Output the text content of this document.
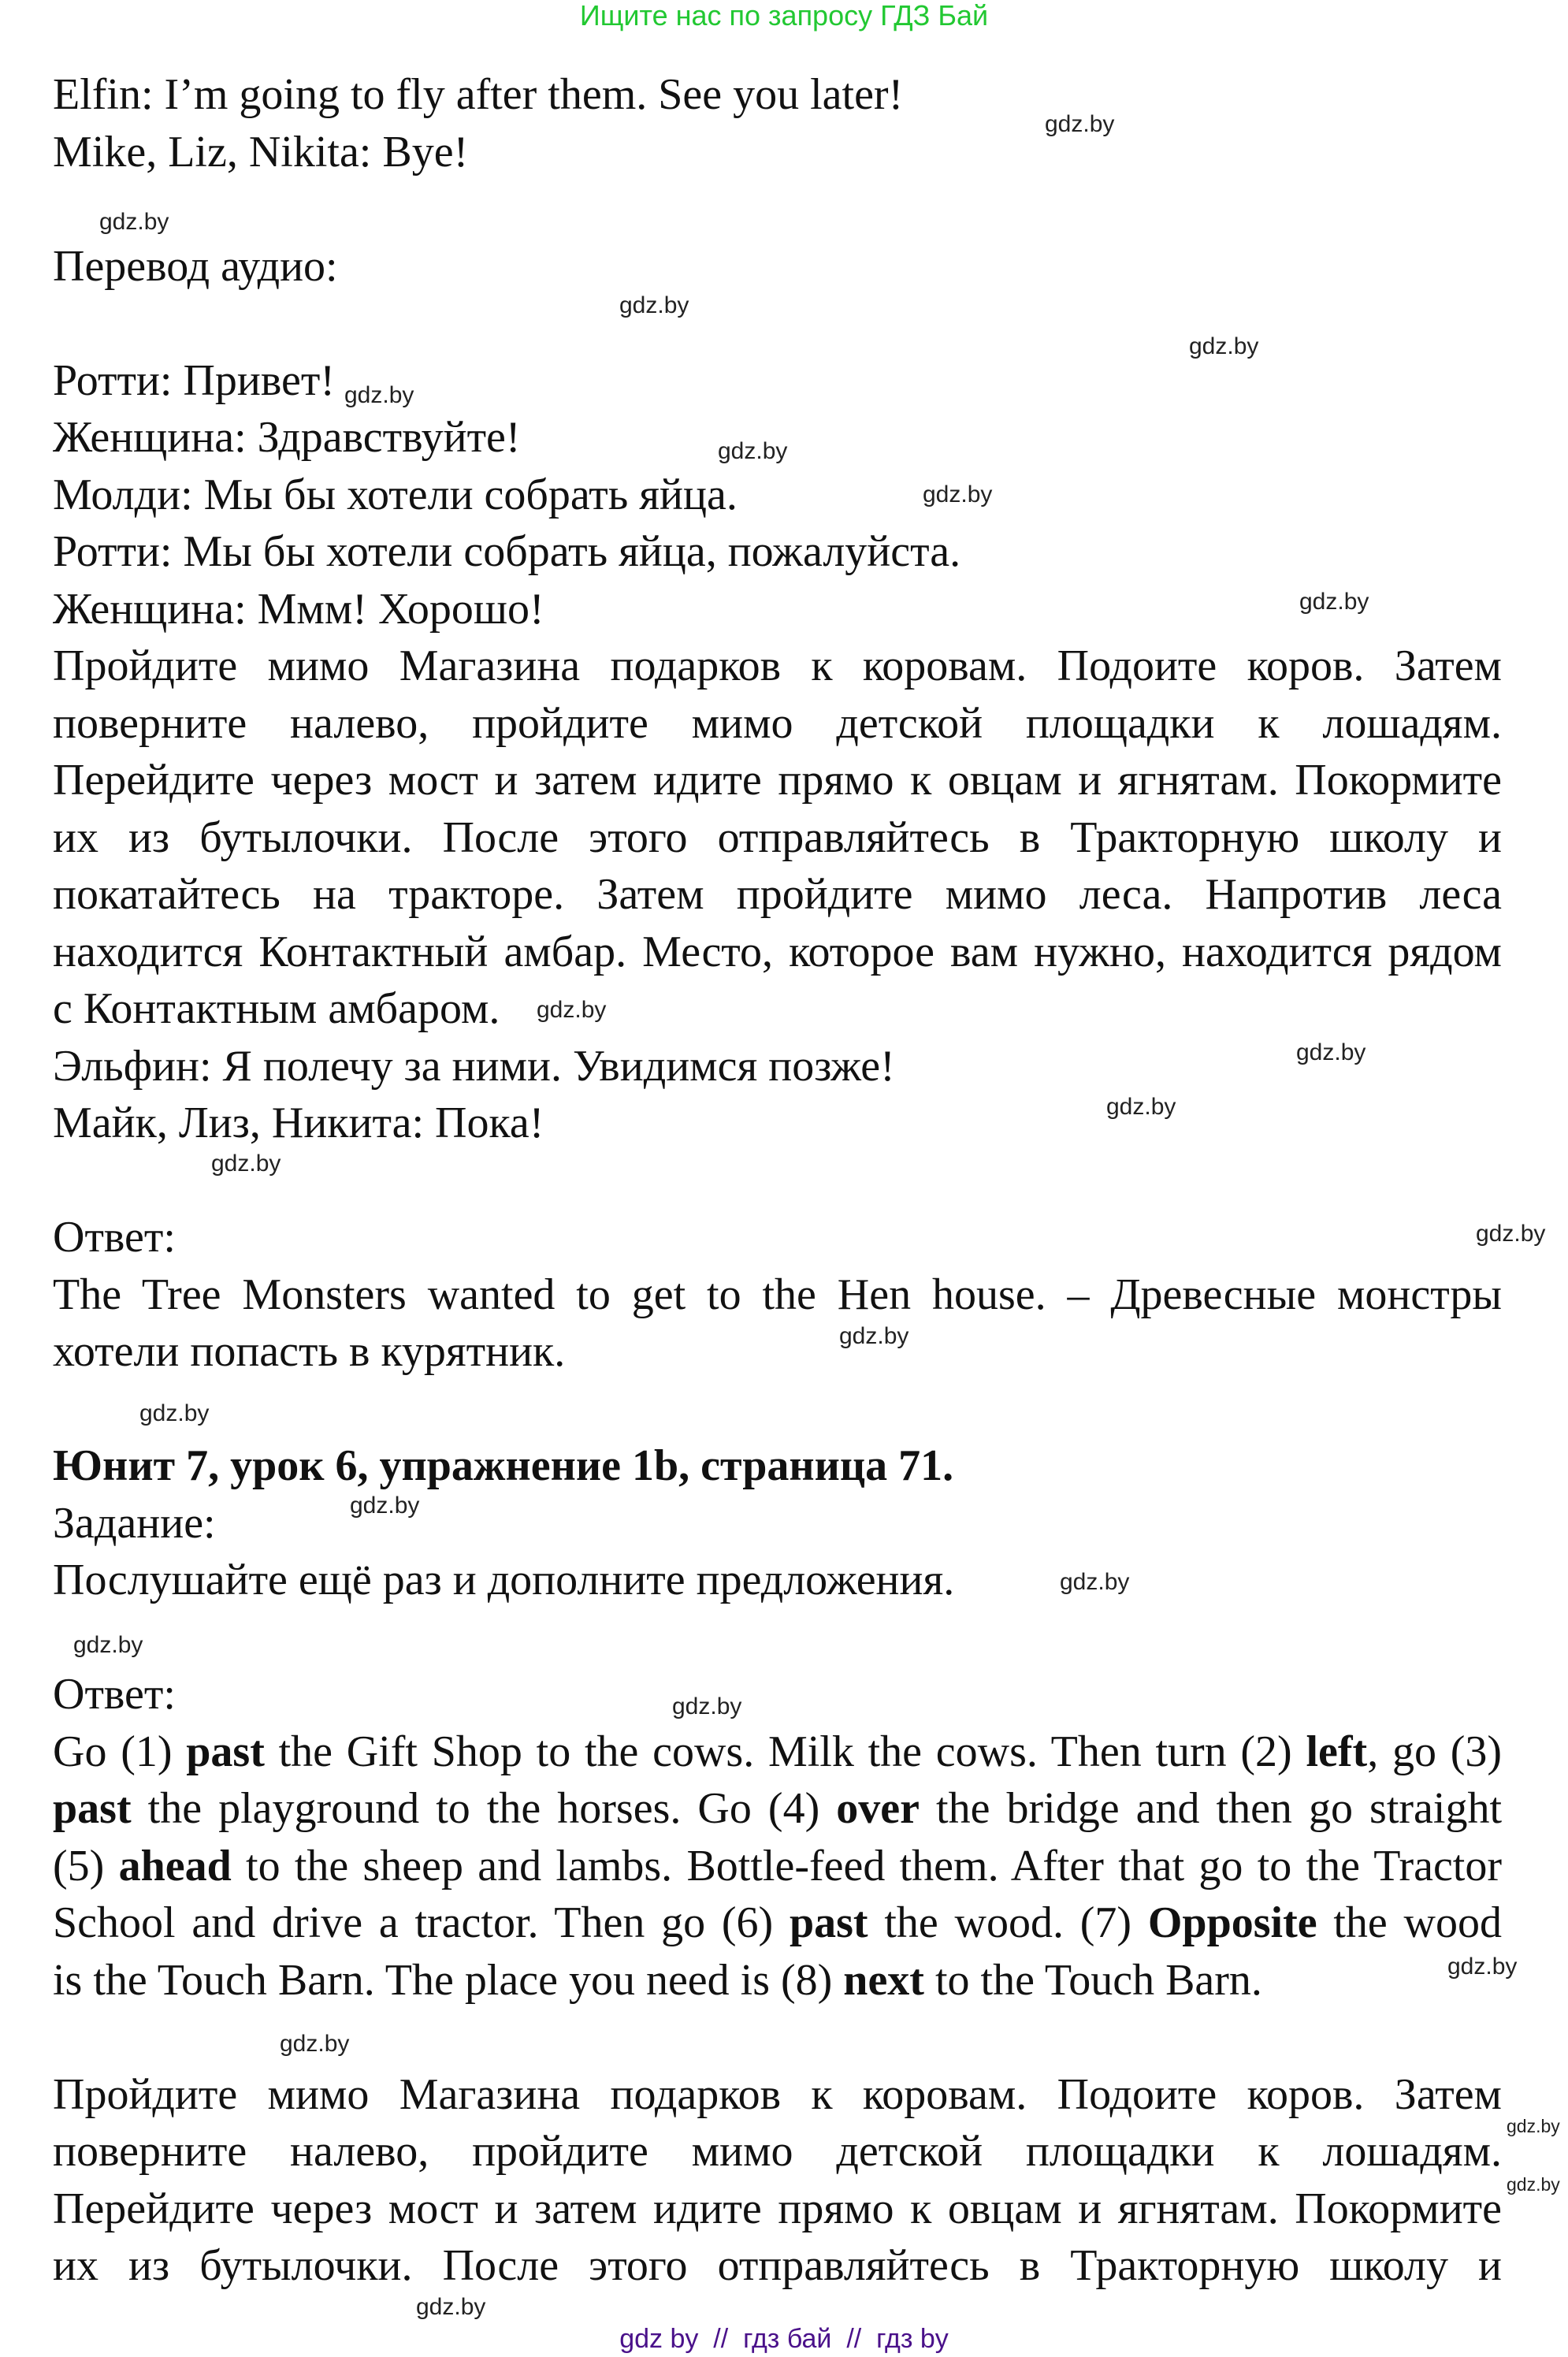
Ищите нас по запросу ГДЗ Бай
Elfin: I’m going to fly after them. See you later!
Mike, Liz, Nikita: Bye!
Перевод аудио:
Ротти: Привет!
Женщина: Здравствуйте!
Молди: Мы бы хотели собрать яйца.
Ротти: Мы бы хотели собрать яйца, пожалуйста.
Женщина: Ммм! Хорошо!
Пройдите мимо Магазина подарков к коровам. Подоите коров. Затем
поверните налево, пройдите мимо детской площадки к лошадям.
Перейдите через мост и затем идите прямо к овцам и ягнятам. Покормите
их из бутылочки. После этого отправляйтесь в Тракторную школу и
покатайтесь на тракторе. Затем пройдите мимо леса. Напротив леса
находится Контактный амбар. Место, которое вам нужно, находится рядом
с Контактным амбаром.
Эльфин: Я полечу за ними. Увидимся позже!
Майк, Лиз, Никита: Пока!
Ответ:
The Tree Monsters wanted to get to the Hen house. – Древесные монстры
хотели попасть в курятник.
Юнит 7, урок 6, упражнение 1b, страница 71.
Задание:
Послушайте ещё раз и дополните предложения.
Ответ:
Go (1) past the Gift Shop to the cows. Milk the cows. Then turn (2) left, go (3)
past the playground to the horses. Go (4) over the bridge and then go straight
(5) ahead to the sheep and lambs. Bottle-feed them. After that go to the Tractor
School and drive a tractor. Then go (6) past the wood. (7) Opposite the wood
is the Touch Barn. The place you need is (8) next to the Touch Barn.
Пройдите мимо Магазина подарков к коровам. Подоите коров. Затем
поверните налево, пройдите мимо детской площадки к лошадям.
Перейдите через мост и затем идите прямо к овцам и ягнятам. Покормите
их из бутылочки. После этого отправляйтесь в Тракторную школу и
gdz by  //  гдз бай  //  гдз by
gdz.by
gdz.by
gdz.by
gdz.by
gdz.by
gdz.by
gdz.by
gdz.by
gdz.by
gdz.by
gdz.by
gdz.by
gdz.by
gdz.by
gdz.by
gdz.by
gdz.by
gdz.by
gdz.by
gdz.by
gdz.by
gdz.by
gdz.by
gdz.by
